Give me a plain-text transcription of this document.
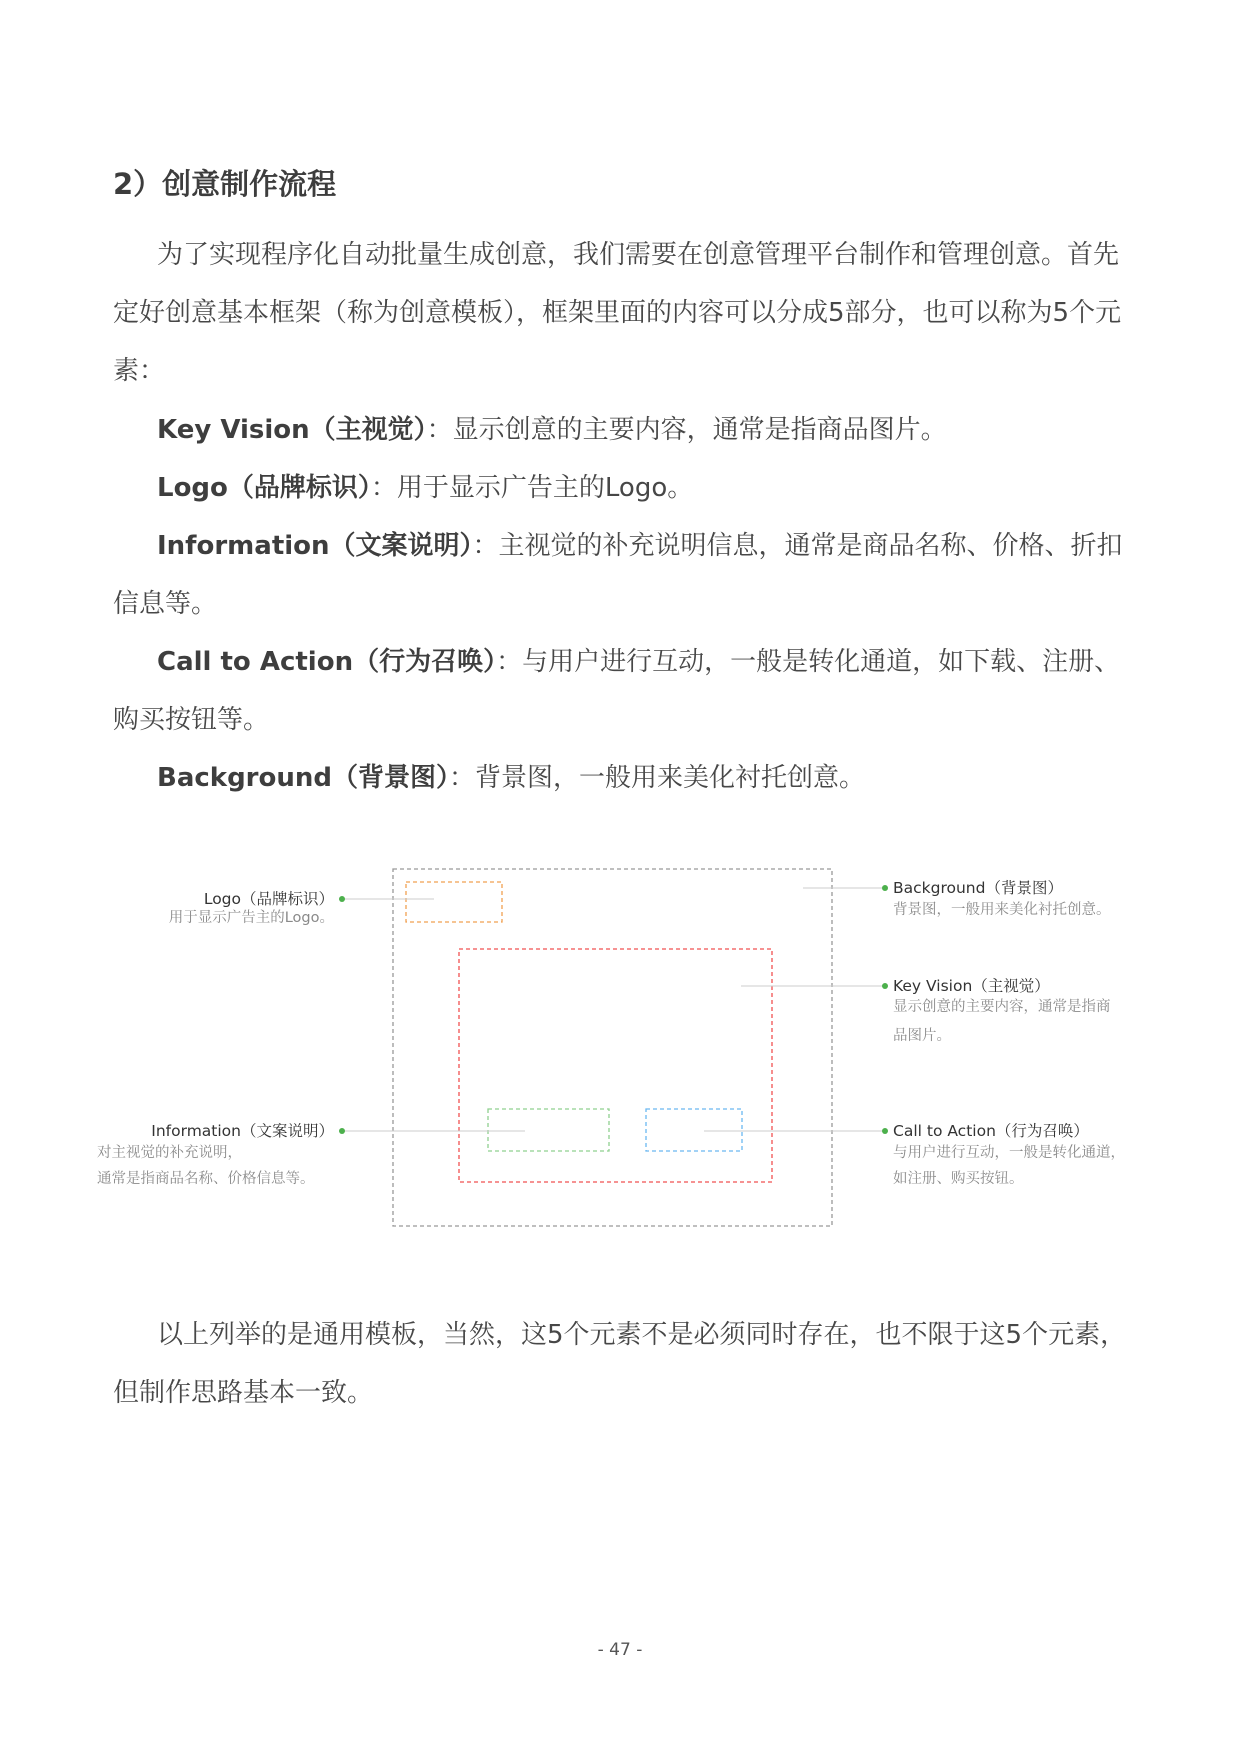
2）创意制作流程

为了实现程序化自动批量生成创意，我们需要在创意管理平台制作和管理创意。首先定好创意基本框架（称为创意模板），框架里面的内容可以分成5部分，也可以称为5个元素：

Key Vision（主视觉）：显示创意的主要内容，通常是指商品图片。

Logo（品牌标识）：用于显示广告主的Logo。

Information（文案说明）：主视觉的补充说明信息，通常是商品名称、价格、折扣信息等。

Call to Action（行为召唤）：与用户进行互动，一般是转化通道，如下载、注册、购买按钮等。

Background（背景图）：背景图，一般用来美化衬托创意。

Logo（品牌标识）
用于显示广告主的Logo。
Information（文案说明）
对主视觉的补充说明，
通常是指商品名称、价格信息等。
Background（背景图）
背景图，一般用来美化衬托创意。
Key Vision（主视觉）
显示创意的主要内容，通常是指商
品图片。
Call to Action（行为召唤）
与用户进行互动，一般是转化通道，
如注册、购买按钮。

以上列举的是通用模板，当然，这5个元素不是必须同时存在，也不限于这5个元素，但制作思路基本一致。

- 47 -
